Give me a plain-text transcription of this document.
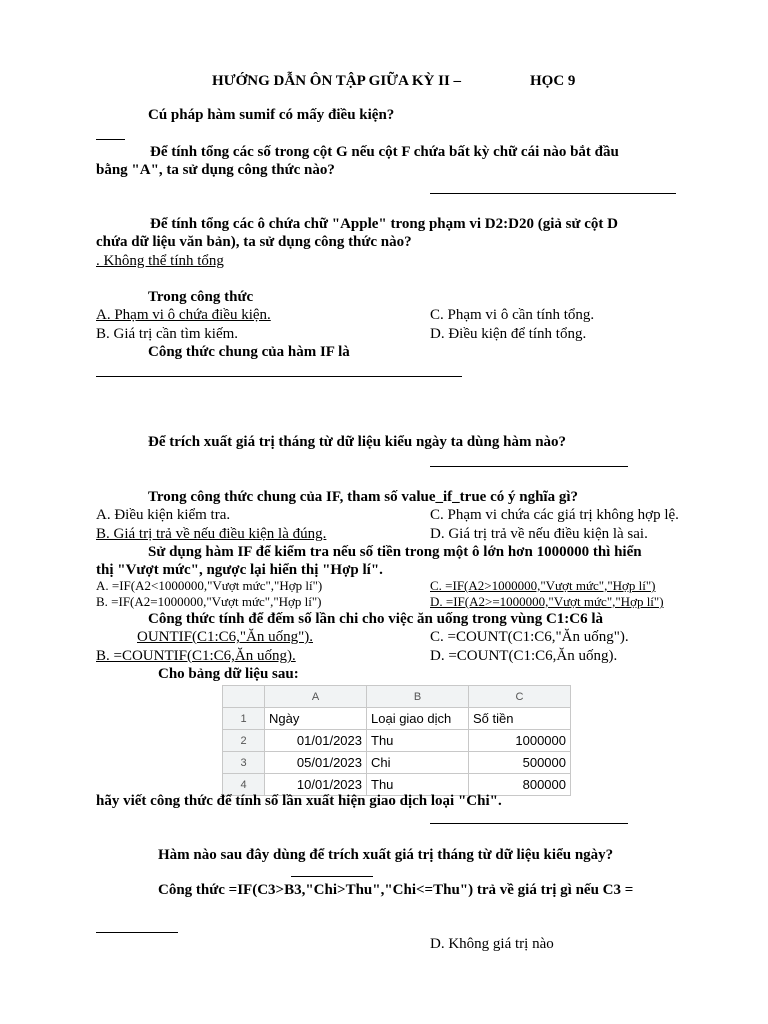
HƯỚNG DẪN ÔN TẬP GIỮA KỲ II –	HỌC 9
Cú pháp hàm sumif có mấy điều kiện?
Để tính tổng các số trong cột G nếu cột F chứa bất kỳ chữ cái nào bắt đầu
bằng "A", ta sử dụng công thức nào?
Để tính tổng các ô chứa chữ "Apple" trong phạm vi D2:D20 (giả sử cột D
chứa dữ liệu văn bản), ta sử dụng công thức nào?
. Không thể tính tổng
Trong công thức
A. Phạm vi ô chứa điều kiện.	C. Phạm vi ô cần tính tổng.
B. Giá trị cần tìm kiếm.	D. Điều kiện để tính tổng.
Công thức chung của hàm IF là
Để trích xuất giá trị tháng từ dữ liệu kiểu ngày ta dùng hàm nào?
Trong công thức chung của IF, tham số value_if_true có ý nghĩa gì?
A. Điều kiện kiểm tra.	C. Phạm vi chứa các giá trị không hợp lệ.
B. Giá trị trả về nếu điều kiện là đúng.	D. Giá trị trả về nếu điều kiện là sai.
Sử dụng hàm IF để kiểm tra nếu số tiền trong một ô lớn hơn 1000000 thì hiển
thị "Vượt mức", ngược lại hiển thị "Hợp lí".
A. =IF(A2<1000000,"Vượt mức","Hợp lí")	C. =IF(A2>1000000,"Vượt mức","Hợp lí")
B. =IF(A2=1000000,"Vượt mức","Hợp lí")	D. =IF(A2>=1000000,"Vượt mức","Hợp lí")
Công thức tính để đếm số lần chi cho việc ăn uống trong vùng C1:C6 là
OUNTIF(C1:C6,"Ăn uống").	C. =COUNT(C1:C6,"Ăn uống").
B. =COUNTIF(C1:C6,Ăn uống).	D. =COUNT(C1:C6,Ăn uống).
Cho bảng dữ liệu sau:
	A	B	C
1	Ngày	Loại giao dịch	Số tiền
2	01/01/2023	Thu	1000000
3	05/01/2023	Chi	500000
4	10/01/2023	Thu	800000
hãy viết công thức để tính số lần xuất hiện giao dịch loại "Chi".
Hàm nào sau đây dùng để trích xuất giá trị tháng từ dữ liệu kiểu ngày?
Công thức =IF(C3>B3,"Chi>Thu","Chi<=Thu") trả về giá trị gì nếu C3 =
D. Không giá trị nào
